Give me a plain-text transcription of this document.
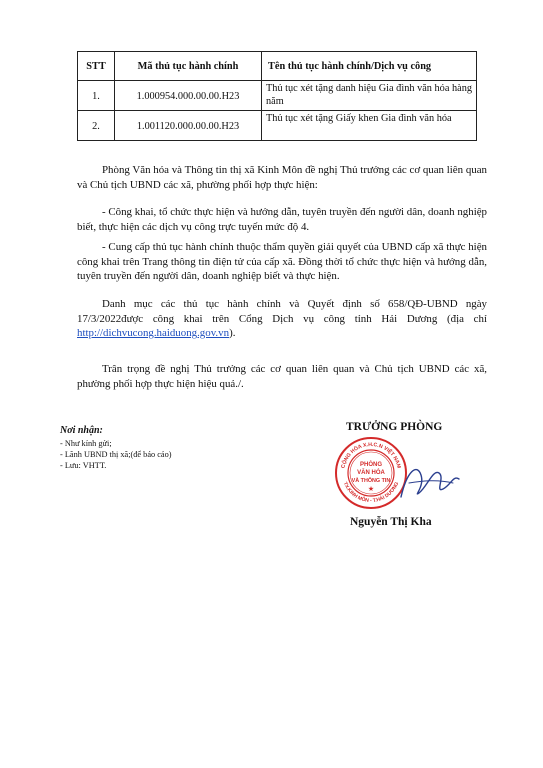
STT	Mã thủ tục hành chính	Tên thủ tục hành chính/Dịch vụ công
1.	1.000954.000.00.00.H23	Thủ tục xét tặng danh hiệu Gia đình văn hóa hàng năm
2.	1.001120.000.00.00.H23	Thủ tục xét tặng Giấy khen Gia đình văn hóa

Phòng Văn hóa và Thông tin thị xã Kinh Môn đề nghị Thủ trưởng các cơ quan liên quan và Chủ tịch UBND các xã, phường phối hợp thực hiện:

- Công khai, tổ chức thực hiện và hướng dẫn, tuyên truyền đến người dân, doanh nghiệp biết, thực hiện các dịch vụ công trực tuyến mức độ 4.

- Cung cấp thủ tục hành chính thuộc thẩm quyền giải quyết của UBND cấp xã thực hiện công khai trên Trang thông tin điện tử của cấp xã. Đồng thời tổ chức thực hiện và hướng dẫn, tuyên truyền đến người dân, doanh nghiệp biết và thực hiện.

Danh mục các thủ tục hành chính và Quyết định số 658/QĐ-UBND ngày 17/3/2022được công khai trên Cổng Dịch vụ công tỉnh Hải Dương (địa chỉ http://dichvucong.haiduong.gov.vn).

Trân trọng đề nghị Thủ trưởng các cơ quan liên quan và Chủ tịch UBND các xã, phường phối hợp thực hiện hiệu quả./.

Nơi nhận:
- Như kính gửi;
- Lãnh UBND thị xã;(để báo cáo)
- Lưu: VHTT.
TRƯỞNG PHÒNG
CỘNG HÒA X.H.C.N VIỆT NAM
TX.KINH MÔN - T.HẢI DƯƠNG
PHÒNG
VĂN HÓA
VÀ THÔNG TIN
★
Nguyễn Thị Kha
